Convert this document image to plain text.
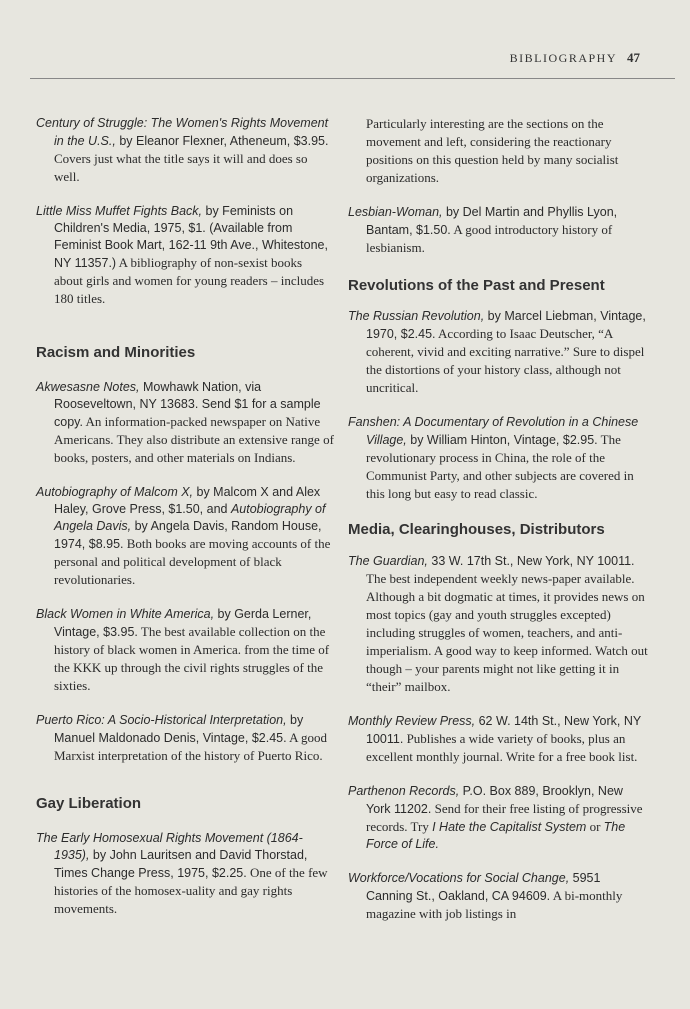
BIBLIOGRAPHY 47

Century of Struggle: The Women's Rights Movement in the U.S., by Eleanor Flexner, Atheneum, $3.95. Covers just what the title says it will and does so well.

Little Miss Muffet Fights Back, by Feminists on Children's Media, 1975, $1. (Available from Feminist Book Mart, 162-11 9th Ave., Whitestone, NY 11357.) A bibliography of non-sexist books about girls and women for young readers – includes 180 titles.

Racism and Minorities

Akwesasne Notes, Mowhawk Nation, via Rooseveltown, NY 13683. Send $1 for a sample copy. An information-packed newspaper on Native Americans. They also distribute an extensive range of books, posters, and other materials on Indians.

Autobiography of Malcom X, by Malcom X and Alex Haley, Grove Press, $1.50, and Autobiography of Angela Davis, by Angela Davis, Random House, 1974, $8.95. Both books are moving accounts of the personal and political development of black revolutionaries.

Black Women in White America, by Gerda Lerner, Vintage, $3.95. The best available collection on the history of black women in America. from the time of the KKK up through the civil rights struggles of the sixties.

Puerto Rico: A Socio-Historical Interpretation, by Manuel Maldonado Denis, Vintage, $2.45. A good Marxist interpretation of the history of Puerto Rico.

Gay Liberation

The Early Homosexual Rights Movement (1864-1935), by John Lauritsen and David Thorstad, Times Change Press, 1975, $2.25. One of the few histories of the homosex-uality and gay rights movements.

Particularly interesting are the sections on the movement and left, considering the reactionary positions on this question held by many socialist organizations.

Lesbian-Woman, by Del Martin and Phyllis Lyon, Bantam, $1.50. A good introductory history of lesbianism.

Revolutions of the Past and Present

The Russian Revolution, by Marcel Liebman, Vintage, 1970, $2.45. According to Isaac Deutscher, “A coherent, vivid and exciting narrative.” Sure to dispel the distortions of your history class, although not uncritical.

Fanshen: A Documentary of Revolution in a Chinese Village, by William Hinton, Vintage, $2.95. The revolutionary process in China, the role of the Communist Party, and other subjects are covered in this long but easy to read classic.

Media, Clearinghouses, Distributors

The Guardian, 33 W. 17th St., New York, NY 10011. The best independent weekly news-paper available. Although a bit dogmatic at times, it provides news on most topics (gay and youth struggles excepted) including struggles of women, teachers, and anti-imperialism. A good way to keep informed. Watch out though – your parents might not like getting it in “their” mailbox.

Monthly Review Press, 62 W. 14th St., New York, NY 10011. Publishes a wide variety of books, plus an excellent monthly journal. Write for a free book list.

Parthenon Records, P.O. Box 889, Brooklyn, New York 11202. Send for their free listing of progressive records. Try I Hate the Capitalist System or The Force of Life.

Workforce/Vocations for Social Change, 5951 Canning St., Oakland, CA 94609. A bi-monthly magazine with job listings in
